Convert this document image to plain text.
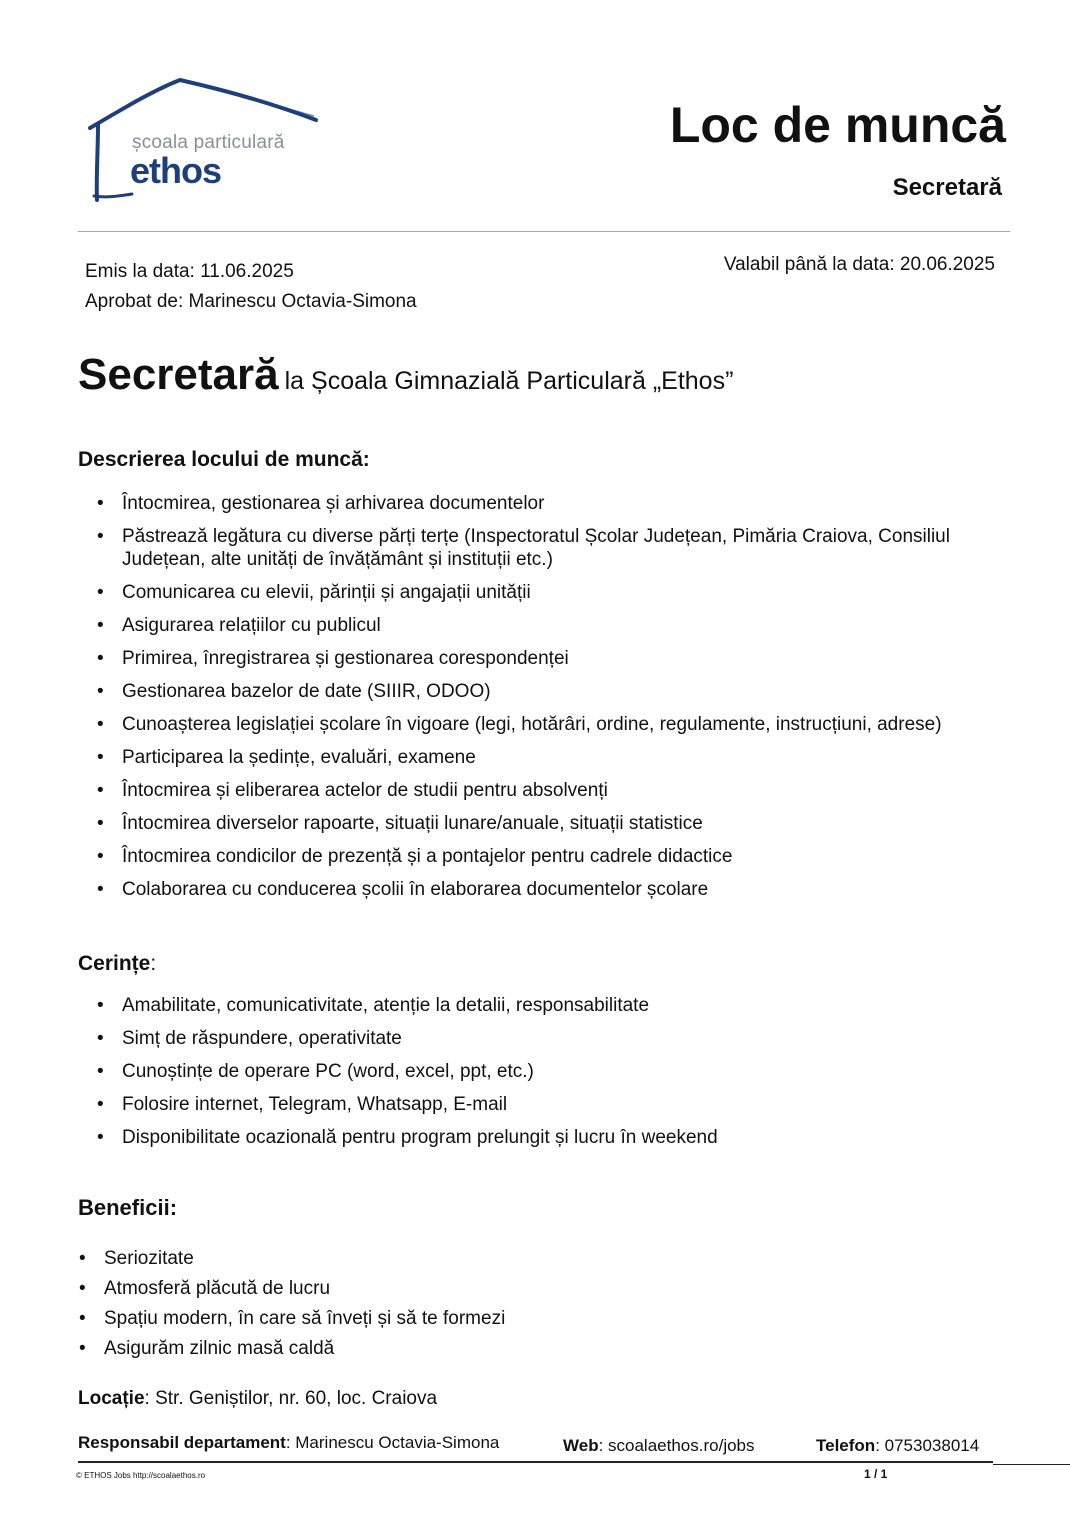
școala particulară
ethos
Loc de muncă
Secretară
Emis la data: 11.06.2025
Aprobat de: Marinescu Octavia-Simona
Valabil până la data: 20.06.2025
Secretară la Școala Gimnazială Particulară „Ethos”
Descrierea locului de muncă:
• Întocmirea, gestionarea și arhivarea documentelor
• Păstrează legătura cu diverse părți terțe (Inspectoratul Școlar Județean, Pimăria Craiova, Consiliul Județean, alte unități de învățământ și instituții etc.)
• Comunicarea cu elevii, părinții și angajații unității
• Asigurarea relațiilor cu publicul
• Primirea, înregistrarea și gestionarea corespondenței
• Gestionarea bazelor de date (SIIIR, ODOO)
• Cunoașterea legislației școlare în vigoare (legi, hotărâri, ordine, regulamente, instrucțiuni, adrese)
• Participarea la ședințe, evaluări, examene
• Întocmirea și eliberarea actelor de studii pentru absolvenți
• Întocmirea diverselor rapoarte, situații lunare/anuale, situații statistice
• Întocmirea condicilor de prezență și a pontajelor pentru cadrele didactice
• Colaborarea cu conducerea școlii în elaborarea documentelor școlare
Cerințe:
• Amabilitate, comunicativitate, atenție la detalii, responsabilitate
• Simț de răspundere, operativitate
• Cunoștințe de operare PC (word, excel, ppt, etc.)
• Folosire internet, Telegram, Whatsapp, E-mail
• Disponibilitate ocazională pentru program prelungit și lucru în weekend
Beneficii:
• Seriozitate
• Atmosferă plăcută de lucru
• Spațiu modern, în care să înveți și să te formezi
• Asigurăm zilnic masă caldă
Locație: Str. Geniștilor, nr. 60, loc. Craiova
Responsabil departament: Marinescu Octavia-Simona	Web: scoalaethos.ro/jobs	Telefon: 0753038014
© ETHOS Jobs http://scoalaethos.ro	1 / 1
